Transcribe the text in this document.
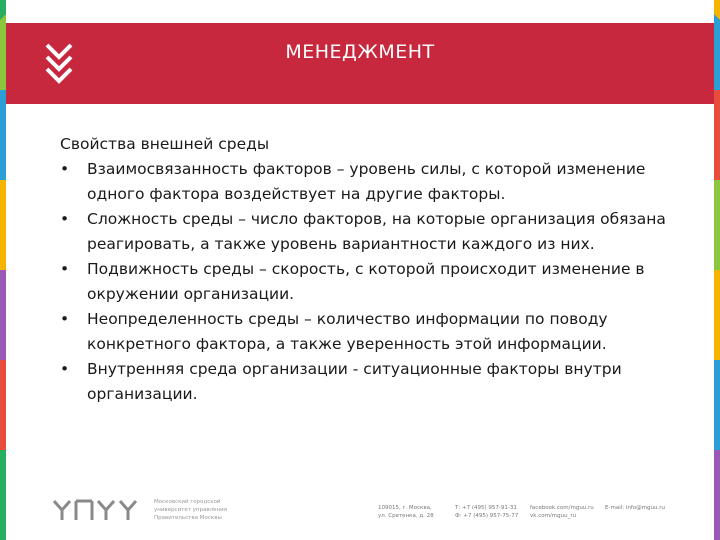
МЕНЕДЖМЕНТ

Свойства внешней среды

• Взаимосвязанность факторов – уровень силы, с которой изменение одного фактора воздействует на другие факторы.
• Сложность среды – число факторов, на которые организация обязана реагировать, а также уровень вариантности каждого из них.
• Подвижность среды – скорость, с которой происходит изменение в окружении организации.
• Неопределенность среды – количество информации по поводу конкретного фактора, а также уверенность этой информации.
• Внутренняя среда организации - ситуационные факторы внутри организации.
Московский городской
университет управления
Правительства Москвы
109015, г. Москва,
ул. Сретенка, д. 28
Т: +7 (495) 957-91-31
Ф: +7 (495) 957-75-77
facebook.com/mguu.ru
vk.com/mguu_ru
E-mail: info@mguu.ru
